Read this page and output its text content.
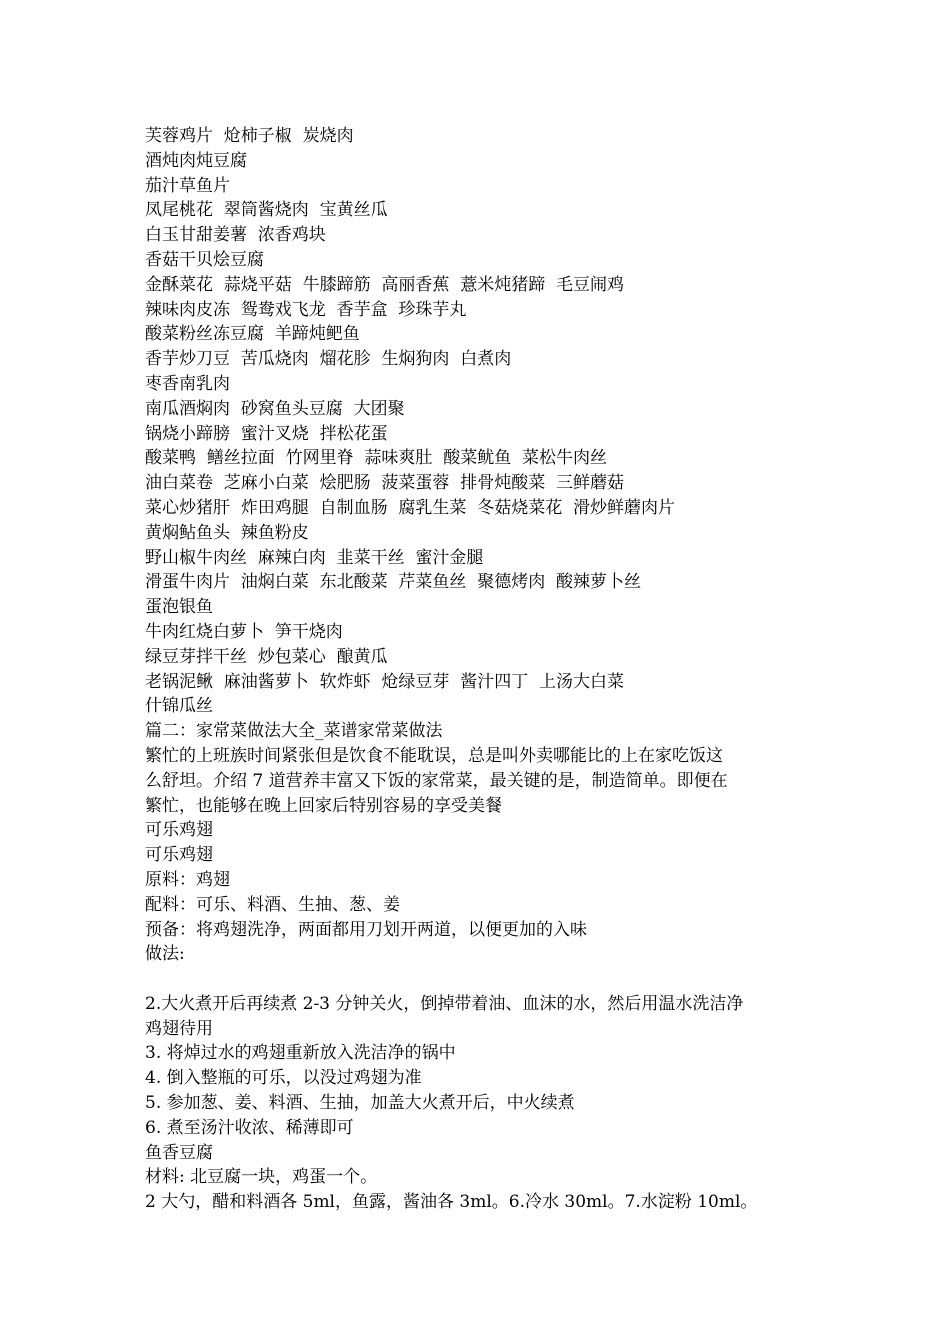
芙蓉鸡片  炝柿子椒  炭烧肉
酒炖肉炖豆腐
茄汁草鱼片
凤尾桃花  翠筒酱烧肉  宝黄丝瓜
白玉甘甜姜薯  浓香鸡块
香菇干贝烩豆腐
金酥菜花  蒜烧平菇  牛膝蹄筋  高丽香蕉  薏米炖猪蹄  毛豆闹鸡
辣味肉皮冻  鸳鸯戏飞龙  香芋盒  珍珠芋丸
酸菜粉丝冻豆腐  羊蹄炖鲃鱼
香芋炒刀豆  苦瓜烧肉  熘花胗  生焖狗肉  白煮肉
枣香南乳肉
南瓜酒焖肉  砂窝鱼头豆腐  大团聚
锅烧小蹄膀  蜜汁叉烧  拌松花蛋
酸菜鸭  鳝丝拉面  竹网里脊  蒜味爽肚  酸菜鱿鱼  菜松牛肉丝
油白菜卷  芝麻小白菜  烩肥肠  菠菜蛋蓉  排骨炖酸菜  三鲜蘑菇
菜心炒猪肝  炸田鸡腿  自制血肠  腐乳生菜  冬菇烧菜花  滑炒鲜蘑肉片
黄焖鲇鱼头  辣鱼粉皮
野山椒牛肉丝  麻辣白肉  韭菜干丝  蜜汁金腿
滑蛋牛肉片  油焖白菜  东北酸菜  芹菜鱼丝  聚德烤肉  酸辣萝卜丝
蛋泡银鱼
牛肉红烧白萝卜  笋干烧肉
绿豆芽拌干丝  炒包菜心  酿黄瓜
老锅泥鳅  麻油酱萝卜  软炸虾  炝绿豆芽  酱汁四丁  上汤大白菜
什锦瓜丝
篇二：家常菜做法大全_菜谱家常菜做法
繁忙的上班族时间紧张但是饮食不能耽误，总是叫外卖哪能比的上在家吃饭这
么舒坦。介绍 7 道营养丰富又下饭的家常菜，最关键的是，制造简单。即便在
繁忙，也能够在晚上回家后特别容易的享受美餐
可乐鸡翅
可乐鸡翅
原料：鸡翅
配料：可乐、料酒、生抽、葱、姜
预备：将鸡翅洗净，两面都用刀划开两道，以便更加的入味
做法:
2.大火煮开后再续煮 2-3 分钟关火，倒掉带着油、血沫的水，然后用温水洗洁净
鸡翅待用
3. 将焯过水的鸡翅重新放入洗洁净的锅中
4. 倒入整瓶的可乐，以没过鸡翅为准
5. 参加葱、姜、料酒、生抽，加盖大火煮开后，中火续煮
6. 煮至汤汁收浓、稀薄即可
鱼香豆腐
材料: 北豆腐一块，鸡蛋一个。
2 大勺，醋和料酒各 5ml，鱼露，酱油各 3ml。6.冷水 30ml。7.水淀粉 10ml。
